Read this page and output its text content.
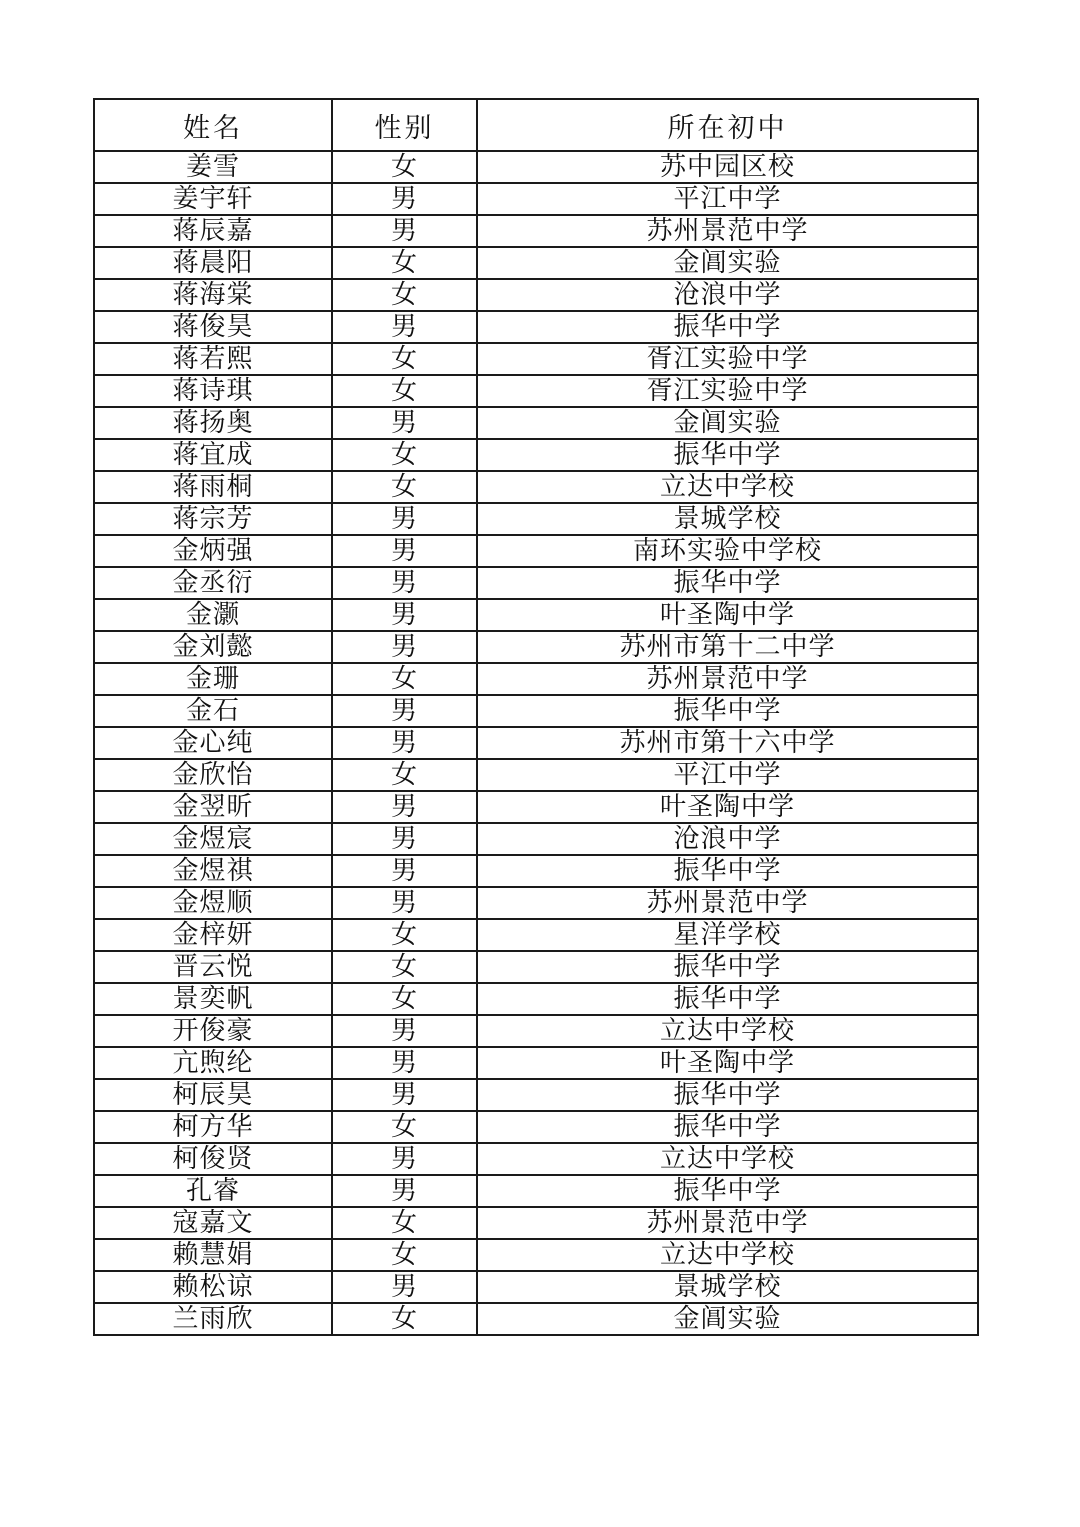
姓名	性别	所在初中
姜雪	女	苏中园区校
姜宇轩	男	平江中学
蒋辰嘉	男	苏州景范中学
蒋晨阳	女	金阊实验
蒋海棠	女	沧浪中学
蒋俊昊	男	振华中学
蒋若熙	女	胥江实验中学
蒋诗琪	女	胥江实验中学
蒋扬奥	男	金阊实验
蒋宜成	女	振华中学
蒋雨桐	女	立达中学校
蒋宗芳	男	景城学校
金炳强	男	南环实验中学校
金丞衍	男	振华中学
金灏	男	叶圣陶中学
金刘懿	男	苏州市第十二中学
金珊	女	苏州景范中学
金石	男	振华中学
金心纯	男	苏州市第十六中学
金欣怡	女	平江中学
金翌昕	男	叶圣陶中学
金煜宸	男	沧浪中学
金煜祺	男	振华中学
金煜顺	男	苏州景范中学
金梓妍	女	星洋学校
晋云悦	女	振华中学
景奕帆	女	振华中学
开俊豪	男	立达中学校
亢煦纶	男	叶圣陶中学
柯辰昊	男	振华中学
柯方华	女	振华中学
柯俊贤	男	立达中学校
孔睿	男	振华中学
寇嘉文	女	苏州景范中学
赖慧娟	女	立达中学校
赖松谅	男	景城学校
兰雨欣	女	金阊实验
